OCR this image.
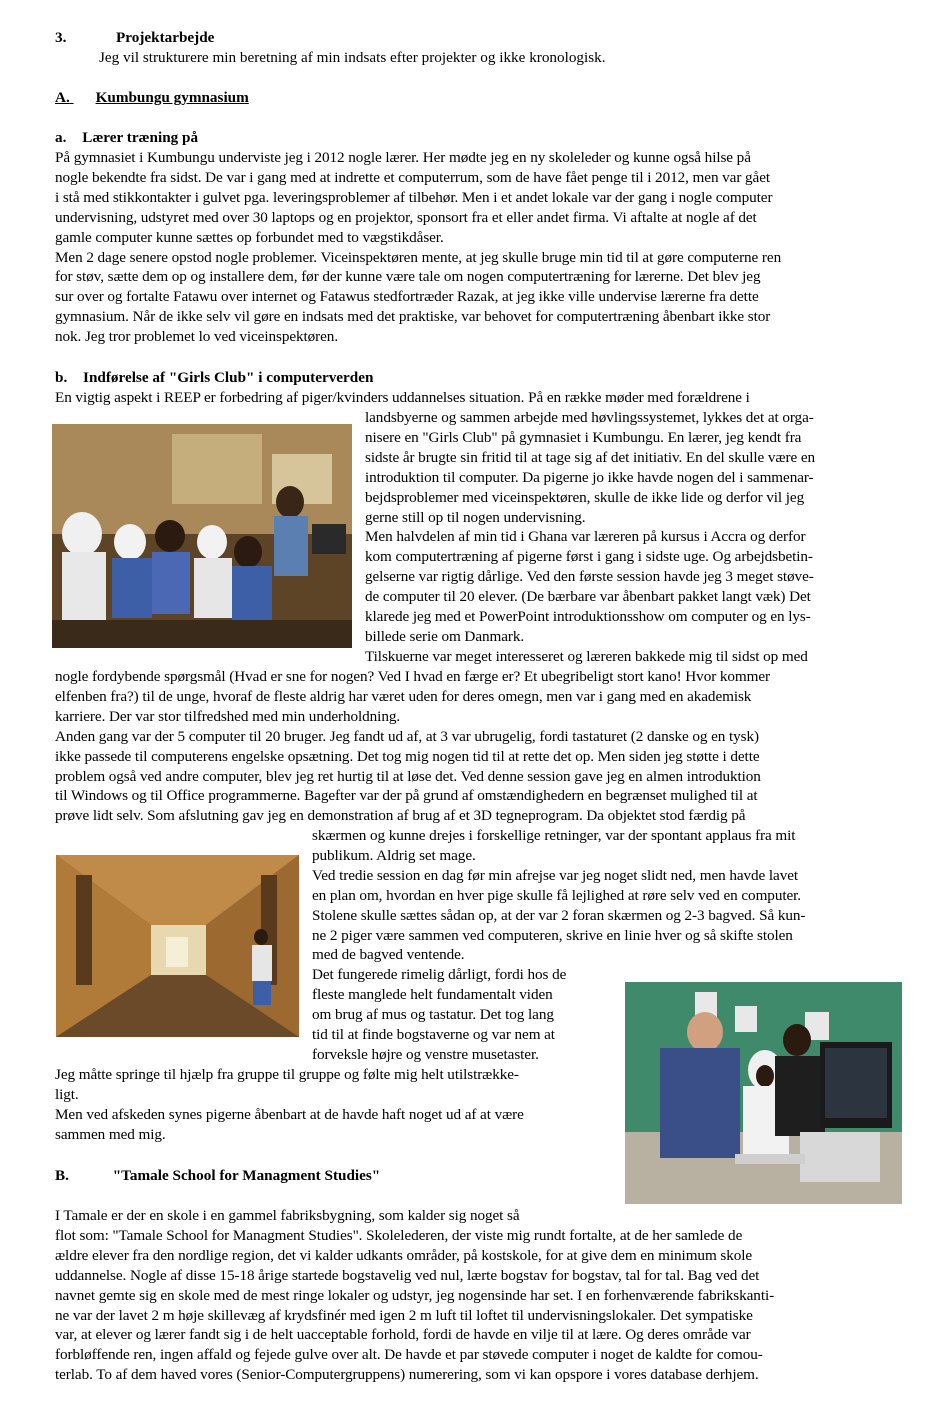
3.	Projektarbejde
Jeg vil strukturere min beretning af min indsats efter projekter og ikke kronologisk.
A. Kumbungu gymnasium
a. Lærer træning på
På gymnasiet i Kumbungu underviste jeg i 2012 nogle lærer. Her mødte jeg en ny skoleleder og kunne også hilse på
nogle bekendte fra sidst. De var i gang med at indrette et computerrum, som de have fået penge til i 2012, men var gået
i stå med stikkontakter i gulvet pga. leveringsproblemer af tilbehør. Men i et andet lokale var der gang i nogle computer
undervisning, udstyret med over 30 laptops og en projektor, sponsort fra et eller andet firma. Vi aftalte at nogle af det
gamle computer kunne sættes op forbundet med to vægstikdåser.
Men 2 dage senere opstod nogle problemer. Viceinspektøren mente, at jeg skulle bruge min tid til at gøre computerne ren
for støv, sætte dem op og installere dem, før der kunne være tale om nogen computertræning for lærerne. Det blev jeg
sur over og fortalte Fatawu over internet og Fatawus stedfortræder Razak, at jeg ikke ville undervise lærerne fra dette
gymnasium. Når de ikke selv vil gøre en indsats med det praktiske, var behovet for computertræning åbenbart ikke stor
nok. Jeg tror problemet lo ved viceinspektøren.
b. Indførelse af "Girls Club" i computerverden
En vigtig aspekt i REEP er forbedring af piger/kvinders uddannelses situation. På en række møder med forældrene i
landsbyerne og sammen arbejde med høvlingssystemet, lykkes det at orga-
nisere en "Girls Club" på gymnasiet i Kumbungu. En lærer, jeg kendt fra
sidste år brugte sin fritid til at tage sig af det initiativ. En del skulle være en
introduktion til computer. Da pigerne jo ikke havde nogen del i sammenar-
bejdsproblemer med viceinspektøren, skulle de ikke lide og derfor vil jeg
gerne still op til nogen undervisning.
Men halvdelen af min tid i Ghana var læreren på kursus i Accra og derfor
kom computertræning af pigerne først i gang i sidste uge. Og arbejdsbetin-
gelserne var rigtig dårlige. Ved den første session havde jeg 3 meget støve-
de computer til 20 elever. (De bærbare var åbenbart pakket langt væk) Det
klarede jeg med et PowerPoint introduktionsshow om computer og en lys-
billede serie om Danmark.
Tilskuerne var meget interesseret og læreren bakkede mig til sidst op med
nogle fordybende spørgsmål (Hvad er sne for nogen? Ved I hvad en færge er? Et ubegribeligt stort kano! Hvor kommer
elfenben fra?) til de unge, hvoraf de fleste aldrig har været uden for deres omegn, men var i gang med en akademisk
karriere. Der var stor tilfredshed med min underholdning.
Anden gang var der 5 computer til 20 bruger. Jeg fandt ud af, at 3 var ubrugelig, fordi tastaturet (2 danske og en tysk)
ikke passede til computerens engelske opsætning. Det tog mig nogen tid til at rette det op. Men siden jeg støtte i dette
problem også ved andre computer, blev jeg ret hurtig til at løse det. Ved denne session gave jeg en almen introduktion
til Windows og til Office programmerne. Bagefter var der på grund af omstændighedern en begrænset mulighed til at
prøve lidt selv. Som afslutning gav jeg en demonstration af brug af et 3D tegneprogram. Da objektet stod færdig på
skærmen og kunne drejes i forskellige retninger, var der spontant applaus fra mit
publikum. Aldrig set mage.
Ved tredie session en dag før min afrejse var jeg noget slidt ned, men havde lavet
en plan om, hvordan en hver pige skulle få lejlighed at røre selv ved en computer.
Stolene skulle sættes sådan op, at der var 2 foran skærmen og 2-3 bagved. Så kun-
ne 2 piger være sammen ved computeren, skrive en linie hver og så skifte stolen
med de bagved ventende.
Det fungerede rimelig dårligt, fordi hos de
fleste manglede helt fundamentalt viden
om brug af mus og tastatur. Det tog lang
tid til at finde bogstaverne og var nem at
forveksle højre og venstre musetaster.
Jeg måtte springe til hjælp fra gruppe til gruppe og følte mig helt utilstrække-
ligt.
Men ved afskeden synes pigerne åbenbart at de havde haft noget ud af at være
sammen med mig.
B.	"Tamale School for Managment Studies"
I Tamale er der en skole i en gammel fabriksbygning, som kalder sig noget så
flot som: "Tamale School for Managment Studies". Skolelederen, der viste mig rundt fortalte, at de her samlede de
ældre elever fra den nordlige region, det vi kalder udkants områder, på kostskole, for at give dem en minimum skole
uddannelse. Nogle af disse 15-18 årige startede bogstavelig ved nul, lærte bogstav for bogstav, tal for tal. Bag ved det
navnet gemte sig en skole med de mest ringe lokaler og udstyr, jeg nogensinde har set. I en forhenværende fabrikskanti-
ne var der lavet 2 m høje skillevæg af krydsfinér med igen 2 m luft til loftet til undervisningslokaler. Det sympatiske
var, at elever og lærer fandt sig i de helt uacceptable forhold, fordi de havde en vilje til at lære. Og deres område var
forbløffende ren, ingen affald og fejede gulve over alt. De havde et par støvede computer i noget de kaldte for comou-
terlab. To af dem haved vores (Senior-Computergruppens) numerering, som vi kan opspore i vores database derhjem.
